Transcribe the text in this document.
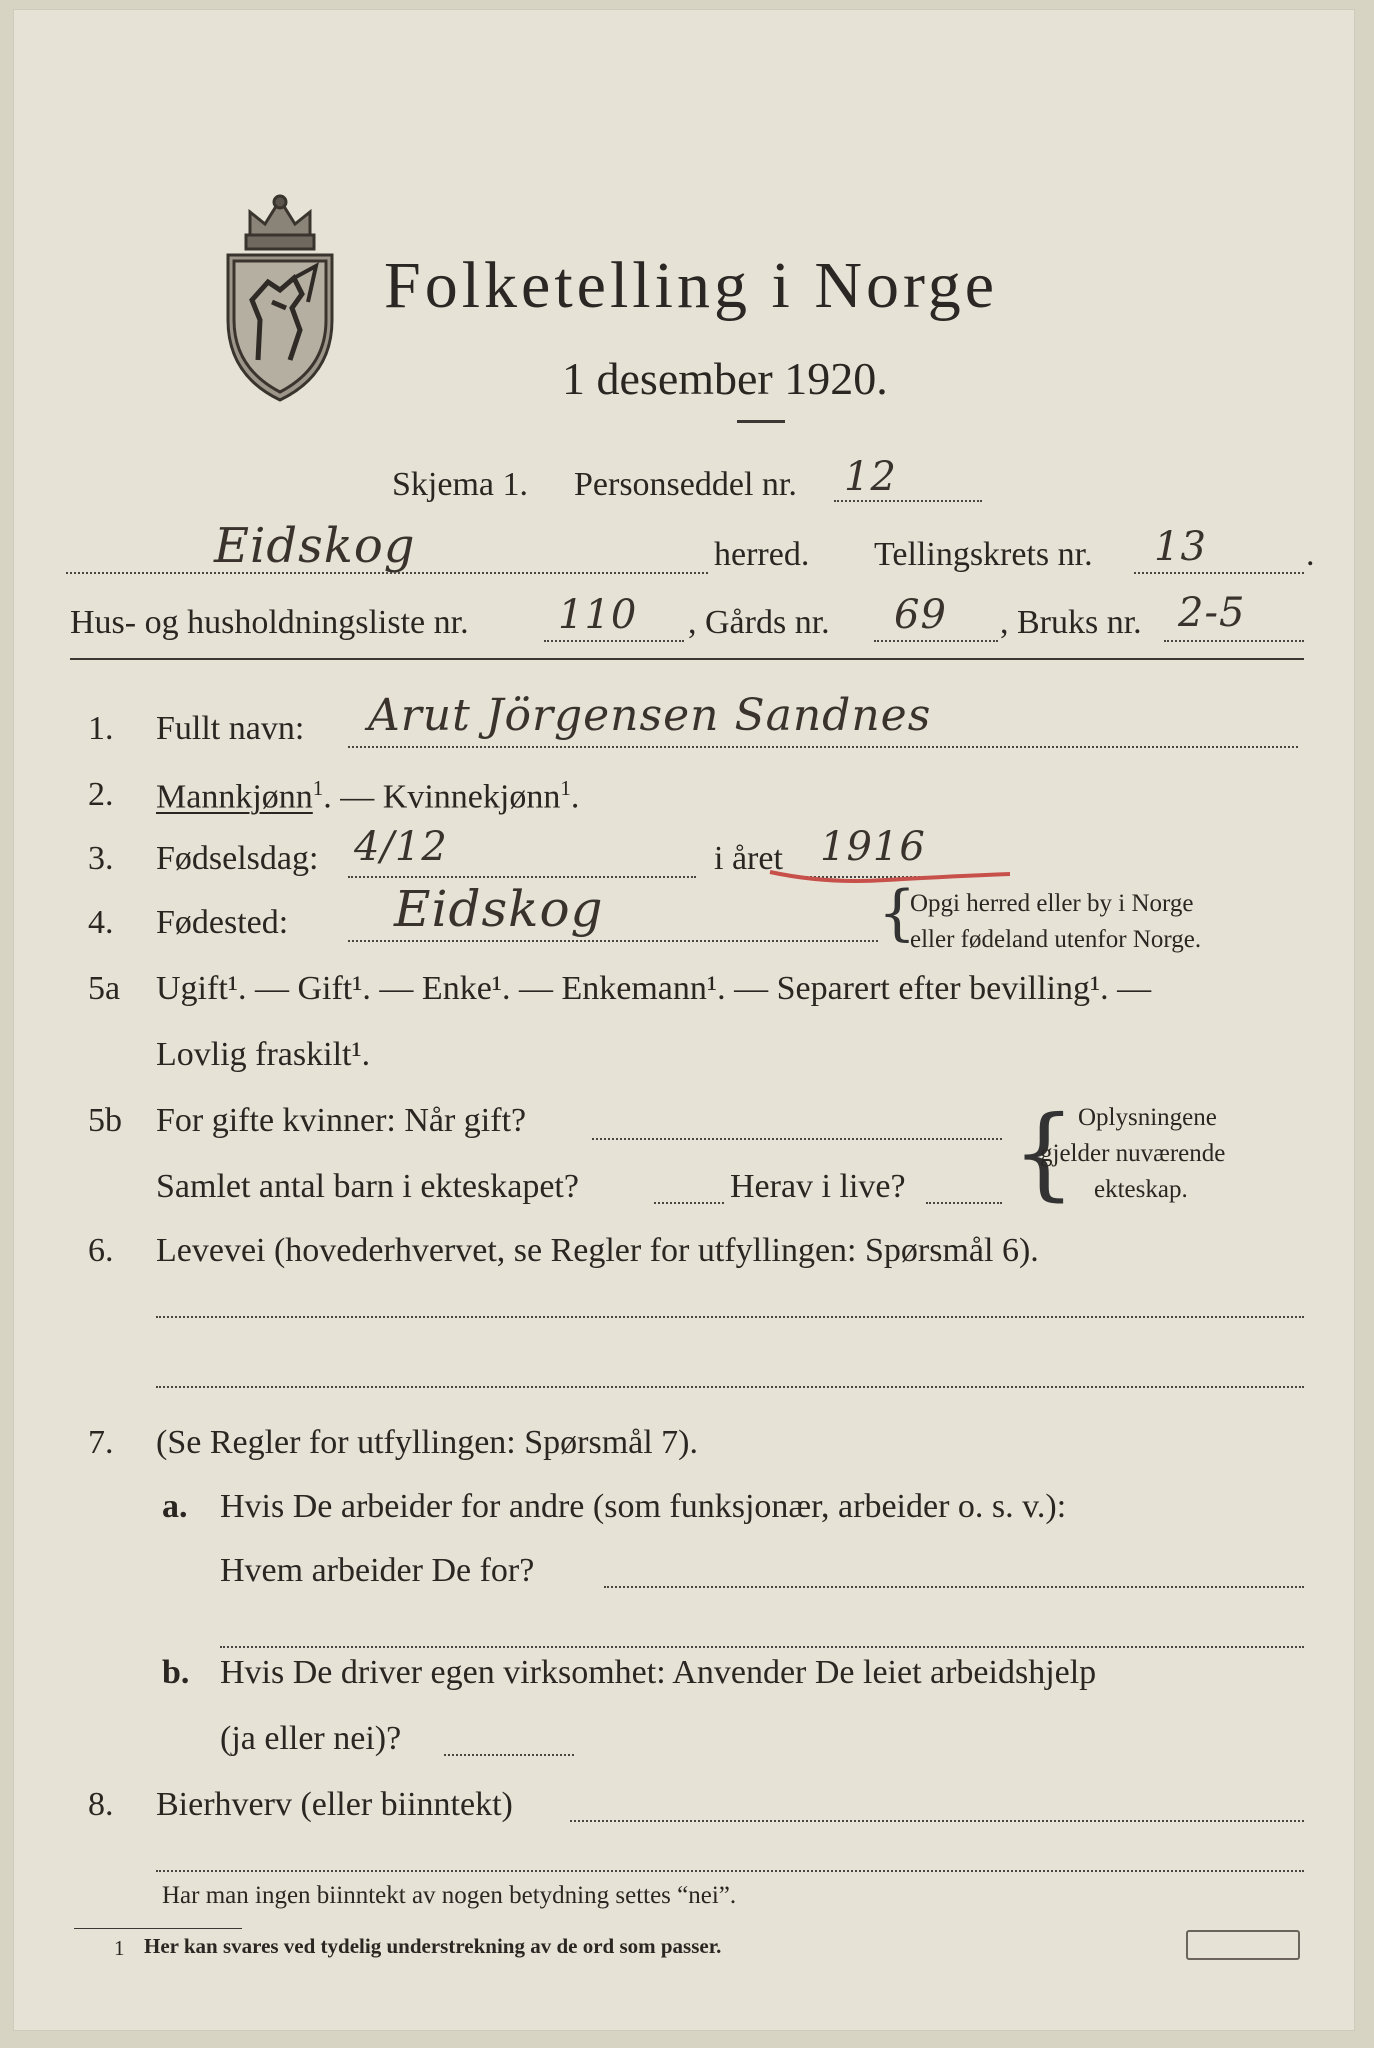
Folketelling i Norge
1 desember 1920.
Skjema 1. Personseddel nr. 12
Eidskog	herred. Tellingskrets nr. 13	.
Hus- og husholdningsliste nr. 110 , Gårds nr. 69 , Bruks nr. 2-5
1. Fullt navn: Arut Jörgensen Sandnes
2. Mannkjønn$^1$. — Kvinnekjønn$^1$.
3. Fødselsdag: 4/12	i året 1916
4. Fødested: Eidskog	{
Opgi herred eller by i Norge
eller fødeland utenfor Norge.
5a Ugift¹. — Gift¹. — Enke¹. — Enkemann¹. — Separert efter bevilling¹. —
Lovlig fraskilt¹.
5b For gifte kvinner: Når gift?
Samlet antal barn i ekteskapet?	Herav i live? { Oplysningene
gjelder nuværende
ekteskap.
6. Levevei (hovederhvervet, se Regler for utfyllingen: Spørsmål 6).
7. (Se Regler for utfyllingen: Spørsmål 7).
a. Hvis De arbeider for andre (som funksjonær, arbeider o. s. v.):
Hvem arbeider De for?
b. Hvis De driver egen virksomhet: Anvender De leiet arbeidshjelp
(ja eller nei)?
8. Bierhverv (eller biinntekt)
Har man ingen biinntekt av nogen betydning settes “nei”.
1 Her kan svares ved tydelig understrekning av de ord som passer.
